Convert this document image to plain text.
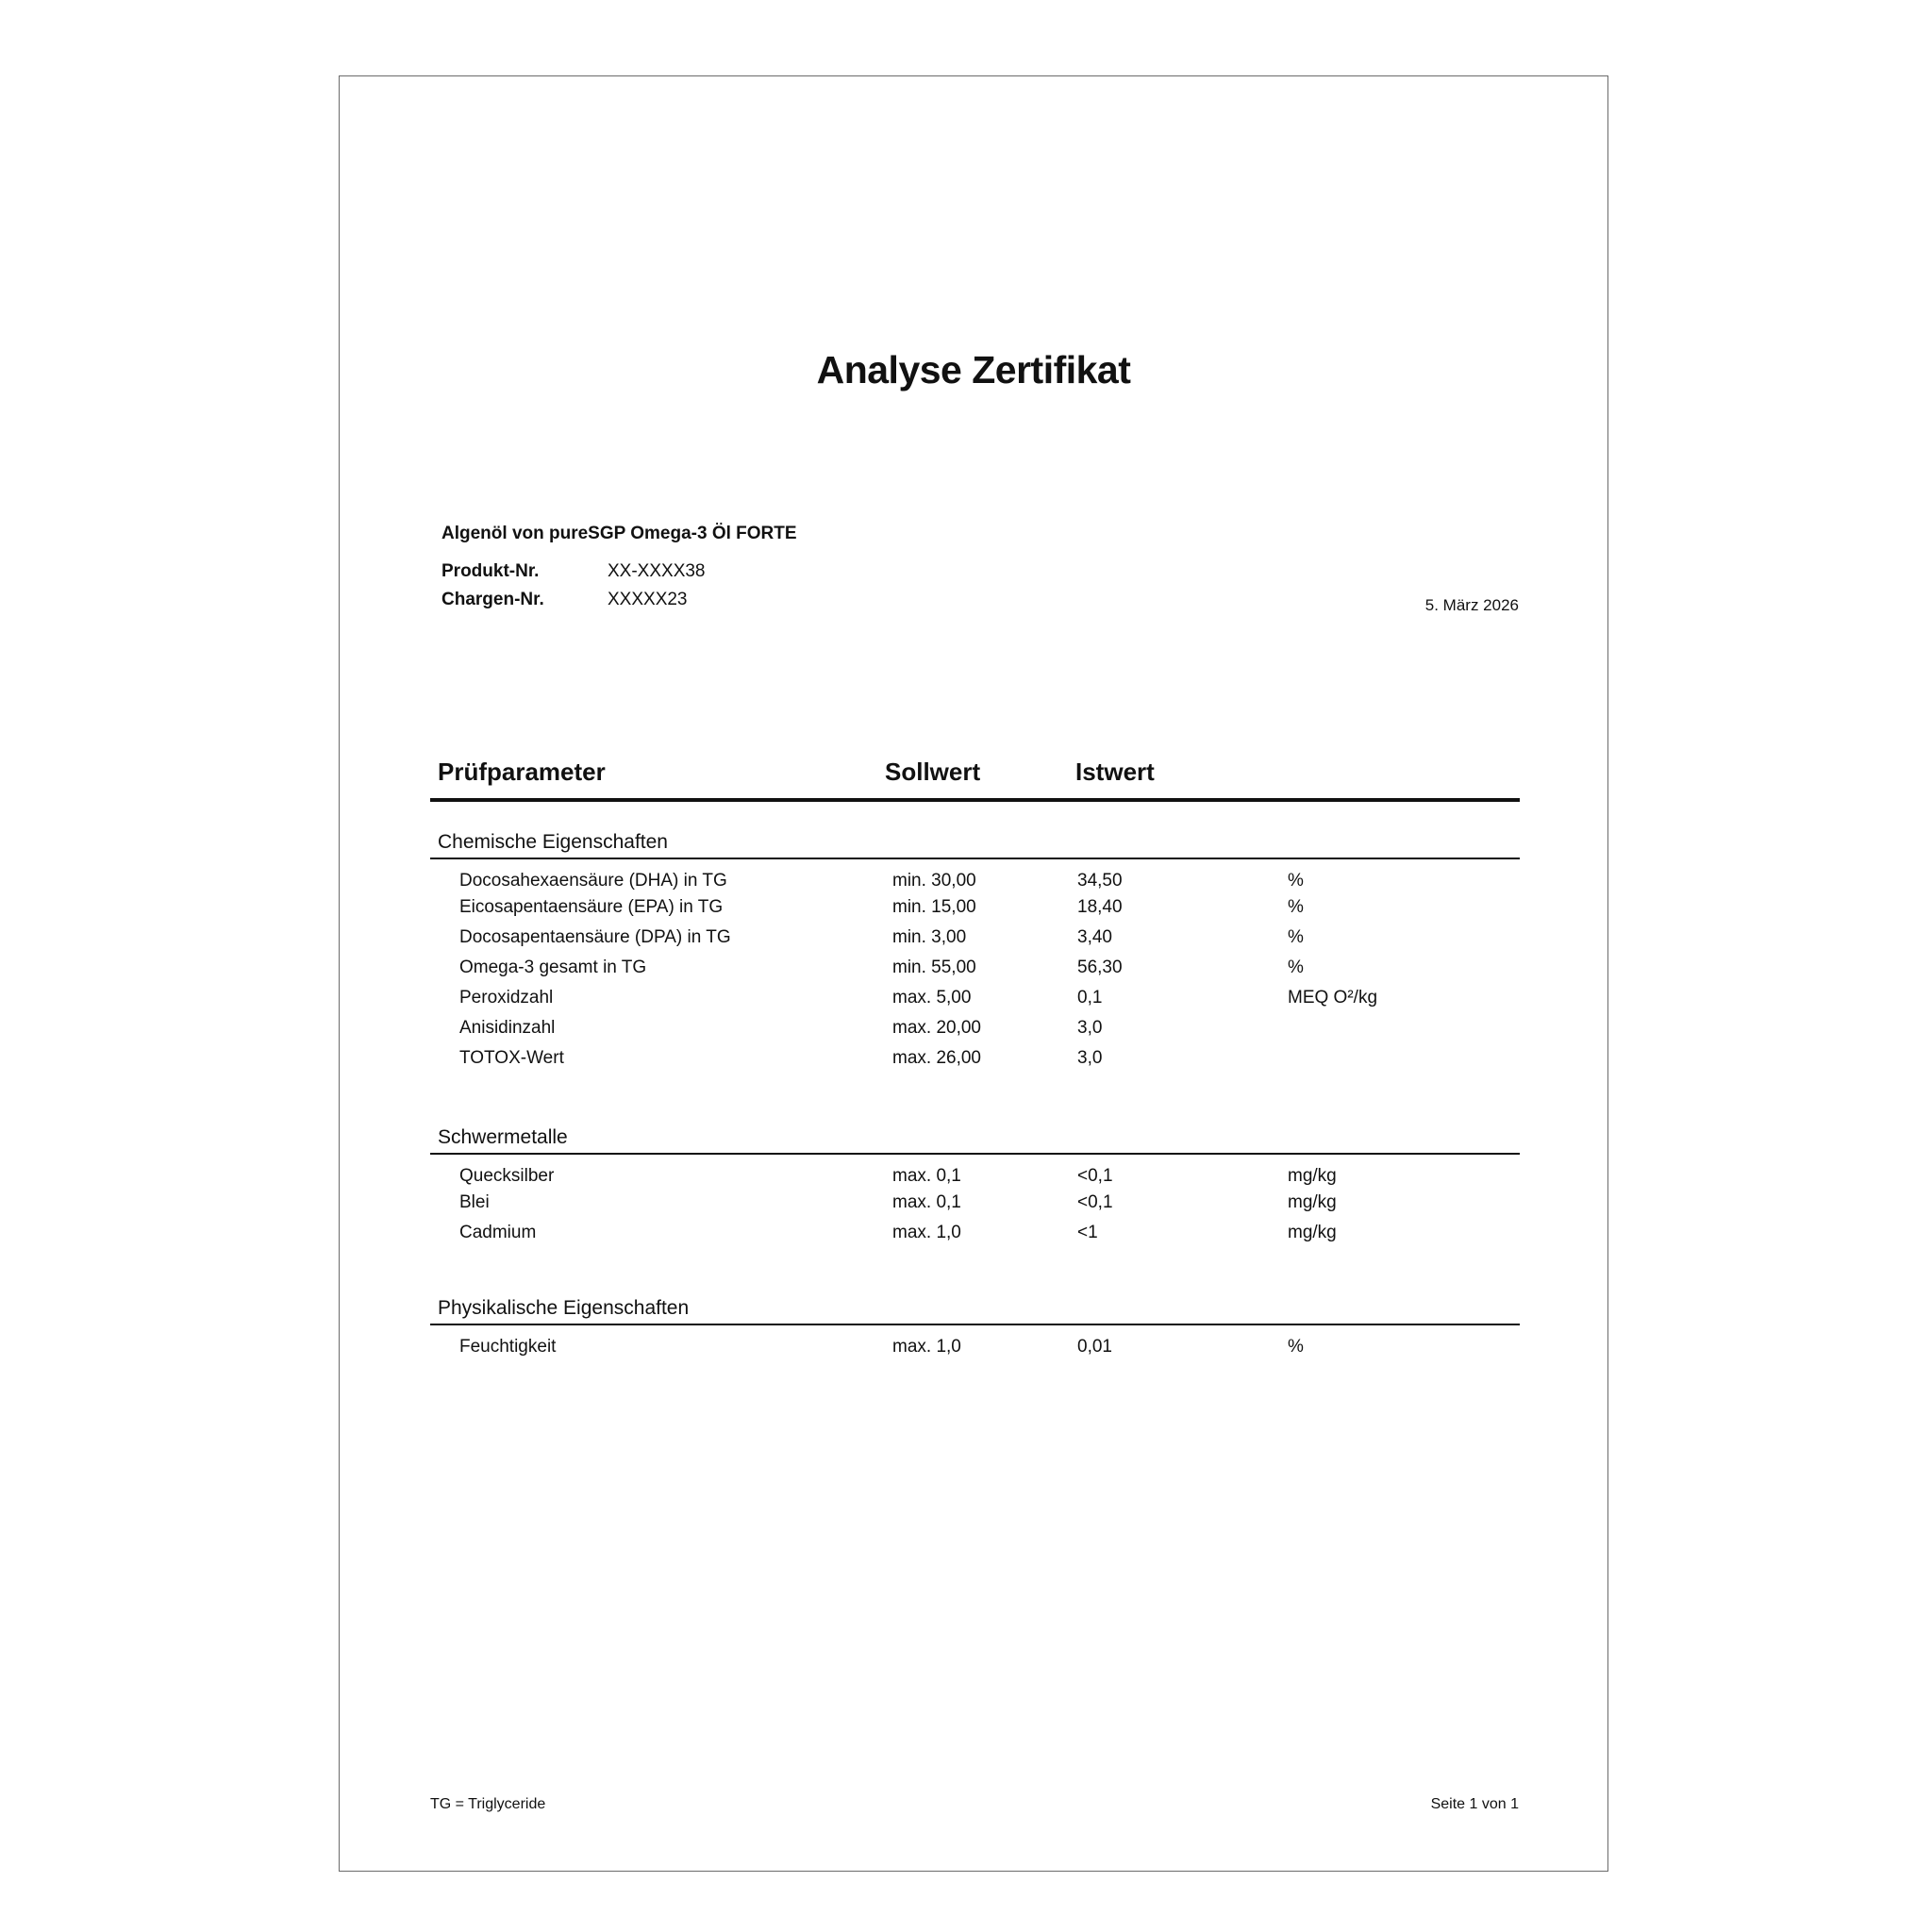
Analyse Zertifikat
Algenöl von pureSGP Omega-3 Öl FORTE
Produkt-Nr.	XX-XXXX38
Chargen-Nr.	XXXXX23	5. März 2026
Prüfparameter	Sollwert	Istwert
Chemische Eigenschaften
Docosahexaensäure (DHA) in TG	min. 30,00	34,50	%
Eicosapentaensäure (EPA) in TG	min. 15,00	18,40	%
Docosapentaensäure (DPA) in TG	min. 3,00	3,40	%
Omega-3 gesamt in TG	min. 55,00	56,30	%
Peroxidzahl	max. 5,00	0,1	MEQ O²/kg
Anisidinzahl	max. 20,00	3,0
TOTOX-Wert	max. 26,00	3,0
Schwermetalle
Quecksilber	max. 0,1	<0,1	mg/kg
Blei	max. 0,1	<0,1	mg/kg
Cadmium	max. 1,0	<1	mg/kg
Physikalische Eigenschaften
Feuchtigkeit	max. 1,0	0,01	%
TG = Triglyceride	Seite 1 von 1
